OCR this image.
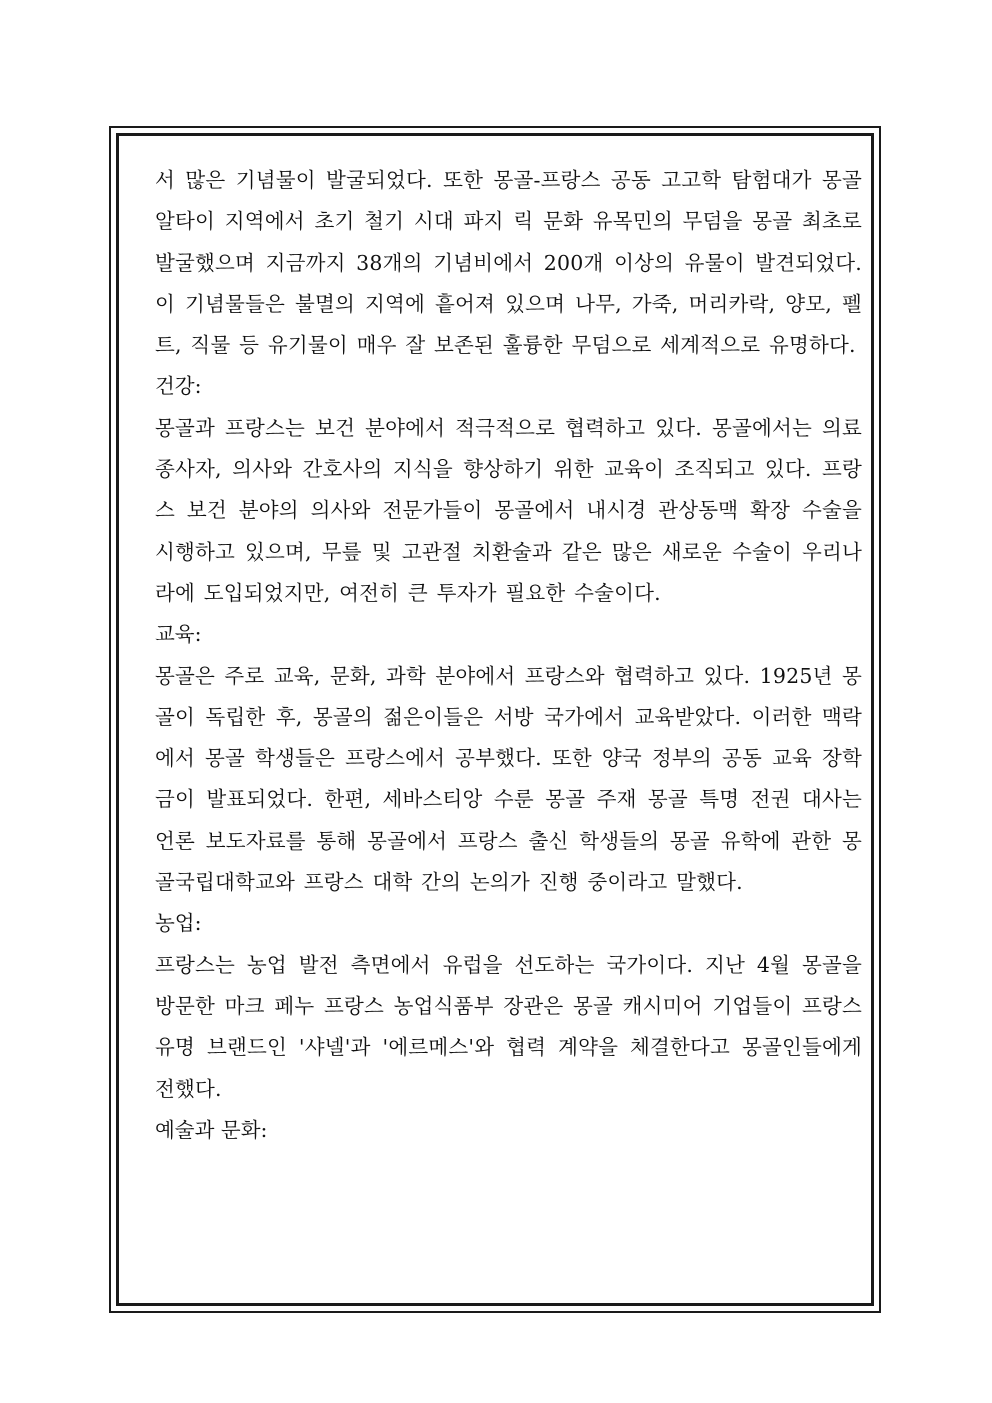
서 많은 기념물이 발굴되었다. 또한 몽골-프랑스 공동 고고학 탐험대가 몽골 알타이 지역에서 초기 철기 시대 파지 릭 문화 유목민의 무덤을 몽골 최초로 발굴했으며 지금까지 38개의 기념비에서 200개 이상의 유물이 발견되었다. 이 기념물들은 불멸의 지역에 흩어져 있으며 나무, 가죽, 머리카락, 양모, 펠트, 직물 등 유기물이 매우 잘 보존된 훌륭한 무덤으로 세계적으로 유명하다.

건강:

몽골과 프랑스는 보건 분야에서 적극적으로 협력하고 있다. 몽골에서는 의료 종사자, 의사와 간호사의 지식을 향상하기 위한 교육이 조직되고 있다. 프랑스 보건 분야의 의사와 전문가들이 몽골에서 내시경 관상동맥 확장 수술을 시행하고 있으며, 무릎 및 고관절 치환술과 같은 많은 새로운 수술이 우리나라에 도입되었지만, 여전히 큰 투자가 필요한 수술이다.

교육:

몽골은 주로 교육, 문화, 과학 분야에서 프랑스와 협력하고 있다. 1925년 몽골이 독립한 후, 몽골의 젊은이들은 서방 국가에서 교육받았다. 이러한 맥락에서 몽골 학생들은 프랑스에서 공부했다. 또한 양국 정부의 공동 교육 장학금이 발표되었다. 한편, 세바스티앙 수룬 몽골 주재 몽골 특명 전권 대사는 언론 보도자료를 통해 몽골에서 프랑스 출신 학생들의 몽골 유학에 관한 몽골국립대학교와 프랑스 대학 간의 논의가 진행 중이라고 말했다.

농업:

프랑스는 농업 발전 측면에서 유럽을 선도하는 국가이다. 지난 4월 몽골을 방문한 마크 페누 프랑스 농업식품부 장관은 몽골 캐시미어 기업들이 프랑스 유명 브랜드인 '샤넬'과 '에르메스'와 협력 계약을 체결한다고 몽골인들에게 전했다.

예술과 문화:
